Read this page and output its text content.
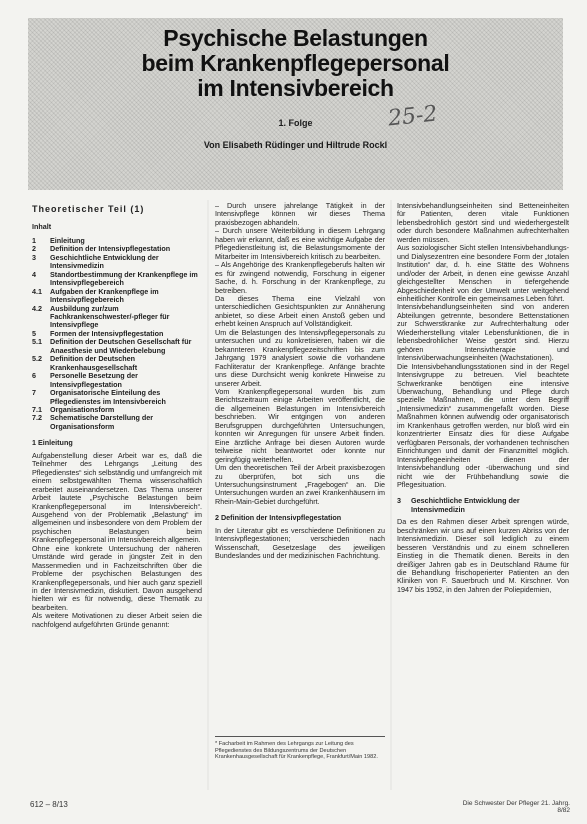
Psychische Belastungen
beim Krankenpflegepersonal
im Intensivbereich
1. Folge	25-2
Von Elisabeth Rüdinger und Hiltrude Rockl
Theoretischer Teil (1)
Inhalt
1	Einleitung
2	Definition der Intensivpflegestation
3	Geschichtliche Entwicklung der Intensivmedizin
4	Standortbestimmung der Krankenpflege im Intensivpflegebereich
4.1	Aufgaben der Krankenpflege im Intensivpflegebereich
4.2	Ausbildung zur/zum Fachkrankenschwester/-pfleger für Intensivpflege
5	Formen der Intensivpflegestation
5.1	Definition der Deutschen Gesellschaft für Anaesthesie und Wiederbelebung
5.2	Definition der Deutschen Krankenhausgesellschaft
6	Personelle Besetzung der Intensivpflegestation
7	Organisatorische Einteilung des Pflegedienstes im Intensivbereich
7.1	Organisationsform
7.2	Schematische Darstellung der Organisationsform
1 Einleitung

Aufgabenstellung dieser Arbeit war es, daß die Teilnehmer des Lehrgangs „Leitung des Pflegedienstes“ sich selbständig und umfangreich mit einem selbstgewählten Thema wissenschaftlich erarbeitet auseinandersetzen. Das Thema unserer Arbeit lautete „Psychische Belastungen beim Krankenpflegepersonal im Intensivbereich“. Ausgehend von der Problematik „Belastung“ im allgemeinen und insbesondere von dem Problem der psychischen Belastungen beim Krankenpflegepersonal im Intensivbereich allgemein.

Ohne eine konkrete Untersuchung der näheren Umstände wird gerade in jüngster Zeit in den Massenmedien und in Fachzeitschriften über die Probleme der psychischen Belastungen des Krankenpflegepersonals, und hier auch ganz speziell in der Intensivmedizin, diskutiert. Davon ausgehend hielten wir es für notwendig, diese Thematik zu bearbeiten.

Als weitere Motivationen zu dieser Arbeit seien die nachfolgend aufgeführten Gründe genannt:

– Durch unsere jahrelange Tätigkeit in der Intensivpflege können wir dieses Thema praxisbezogen abhandeln.

– Durch unsere Weiterbildung in diesem Lehrgang haben wir erkannt, daß es eine wichtige Aufgabe der Pflegedienstleitung ist, die Belastungsmomente der Mitarbeiter im Intensivbereich kritisch zu bearbeiten.

– Als Angehörige des Krankenpflegeberufs halten wir es für zwingend notwendig, Forschung in eigener Sache, d. h. Forschung in der Krankenpflege, zu betreiben.

Da dieses Thema eine Vielzahl von unterschiedlichen Gesichtspunkten zur Annäherung anbietet, so diese Arbeit einen Anstoß geben und erhebt keinen Anspruch auf Vollständigkeit.

Um die Belastungen des Intensivpflegepersonals zu untersuchen und zu konkretisieren, haben wir die bekannteren Krankenpflegezeitschriften bis zum Jahrgang 1979 analysiert sowie die vorhandene Fachliteratur der Krankenpflege. Anfänge brachte uns diese Durchsicht wenig konkrete Hinweise zu unserer Arbeit.

Vom Krankenpflegepersonal wurden bis zum Berichtszeitraum einige Arbeiten veröffentlicht, die die allgemeinen Belastungen im Intensivbereich beschrieben. Wir entgingen von anderen Berufsgruppen durchgeführten Untersuchungen, konnten wir Anregungen für unsere Arbeit finden. Eine ärztliche Anfrage bei diesen Autoren wurde teilweise nicht beantwortet oder konnte nur geringfügig weiterhelfen.

Um den theoretischen Teil der Arbeit praxisbezogen zu überprüfen, bot sich uns die Untersuchungsinstrument „Fragebogen“ an. Die Untersuchungen wurden an zwei Krankenhäusern im Rhein-Main-Gebiet durchgeführt.

2 Definition der Intensivpflegestation

In der Literatur gibt es verschiedene Definitionen zu Intensivpflegestationen; verschieden nach Wissenschaft, Gesetzeslage des jeweiligen Bundeslandes und der medizinischen Fachrichtung.

* Facharbeit im Rahmen des Lehrgangs zur Leitung des Pflegedienstes des Bildungszentrums der Deutschen Krankenhausgesellschaft für Krankenpflege, Frankfurt/Main 1982.

Intensivbehandlungseinheiten sind Betteneinheiten für Patienten, deren vitale Funktionen lebensbedrohlich gestört sind und wiederhergestellt oder durch besondere Maßnahmen aufrechterhalten werden müssen.

Aus soziologischer Sicht stellen Intensivbehandlungs- und Dialysezentren eine besondere Form der „totalen Institution“ dar, d. h. eine Stätte des Wohnens und/oder der Arbeit, in denen eine gewisse Anzahl gleichgestellter Menschen in tiefergehende Abgeschiedenheit von der Umwelt unter weitgehend einheitlicher Kontrolle ein gemeinsames Leben führt.

Intensivbehandlungseinheiten sind von anderen Abteilungen getrennte, besondere Bettenstationen zur Schwerstkranke zur Aufrechterhaltung oder Wiederherstellung vitaler Lebensfunktionen, die in lebensbedrohlicher Weise gestört sind. Hierzu gehören Intensivtherapie und Intensivüberwachungseinheiten (Wachstationen).

Die Intensivbehandlungsstationen sind in der Regel Intensivgruppe zu betreuen. Viel beachtete Schwerkranke benötigen eine intensive Überwachung, Behandlung und Pflege durch spezielle Maßnahmen, die unter dem Begriff „Intensivmedizin“ zusammengefaßt worden. Diese Maßnahmen können aufwendig oder organisatorisch im Krankenhaus getroffen werden, nur bloß wird ein konzentrierter Einsatz dies für diese Aufgabe verfügbaren Personals, der vorhandenen technischen Einrichtungen und damit der Finanzmittel möglich. Intensivpflegeeinheiten dienen der Intensivbehandlung oder -überwachung und sind nicht wie der Frühbehandlung sowie die Pflegesituation.

3	Geschichtliche Entwicklung der Intensivmedizin

Da es den Rahmen dieser Arbeit sprengen würde, beschränken wir uns auf einen kurzen Abriss von der Intensivmedizin. Dieser soll lediglich zu einem besseren Verständnis und zu einem schnelleren Einstieg in die Thematik dienen. Bereits in den dreißiger Jahren gab es in Deutschland Räume für die Behandlung frischoperierter Patienten an den Kliniken von F. Sauerbruch und M. Kirschner. Von 1947 bis 1952, in den Jahren der Poliepidemien,

612 – 8/13	Die Schwester Der Pfleger 21. Jahrg. 8/82
